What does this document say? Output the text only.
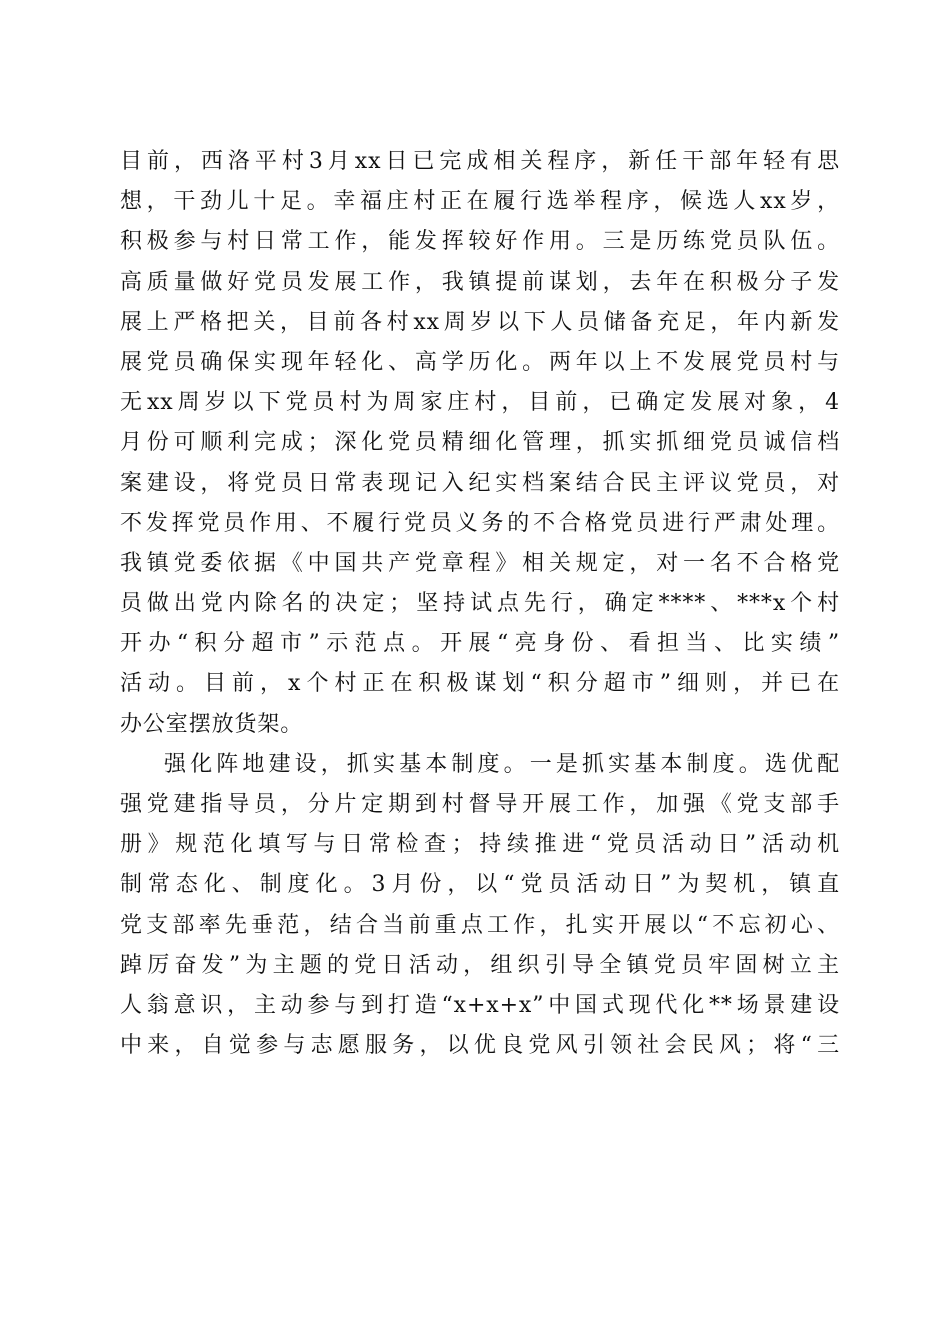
目前，西洛平村3月xx日已完成相关程序，新任干部年轻有思
想，干劲儿十足。幸福庄村正在履行选举程序，候选人xx岁，
积极参与村日常工作，能发挥较好作用。三是历练党员队伍。
高质量做好党员发展工作，我镇提前谋划，去年在积极分子发
展上严格把关，目前各村xx周岁以下人员储备充足，年内新发
展党员确保实现年轻化、高学历化。两年以上不发展党员村与
无xx周岁以下党员村为周家庄村，目前，已确定发展对象，4
月份可顺利完成；深化党员精细化管理，抓实抓细党员诚信档
案建设，将党员日常表现记入纪实档案结合民主评议党员，对
不发挥党员作用、不履行党员义务的不合格党员进行严肃处理。
我镇党委依据《中国共产党章程》相关规定，对一名不合格党
员做出党内除名的决定；坚持试点先行，确定****、***x个村
开办“积分超市”示范点。开展“亮身份、看担当、比实绩”
活动。目前，x个村正在积极谋划“积分超市”细则，并已在
办公室摆放货架。
强化阵地建设，抓实基本制度。一是抓实基本制度。选优配
强党建指导员，分片定期到村督导开展工作，加强《党支部手
册》规范化填写与日常检查；持续推进“党员活动日”活动机
制常态化、制度化。3月份，以“党员活动日”为契机，镇直
党支部率先垂范，结合当前重点工作，扎实开展以“不忘初心、
踔厉奋发”为主题的党日活动，组织引导全镇党员牢固树立主
人翁意识，主动参与到打造“x+x+x”中国式现代化**场景建设
中来，自觉参与志愿服务，以优良党风引领社会民风；将“三
